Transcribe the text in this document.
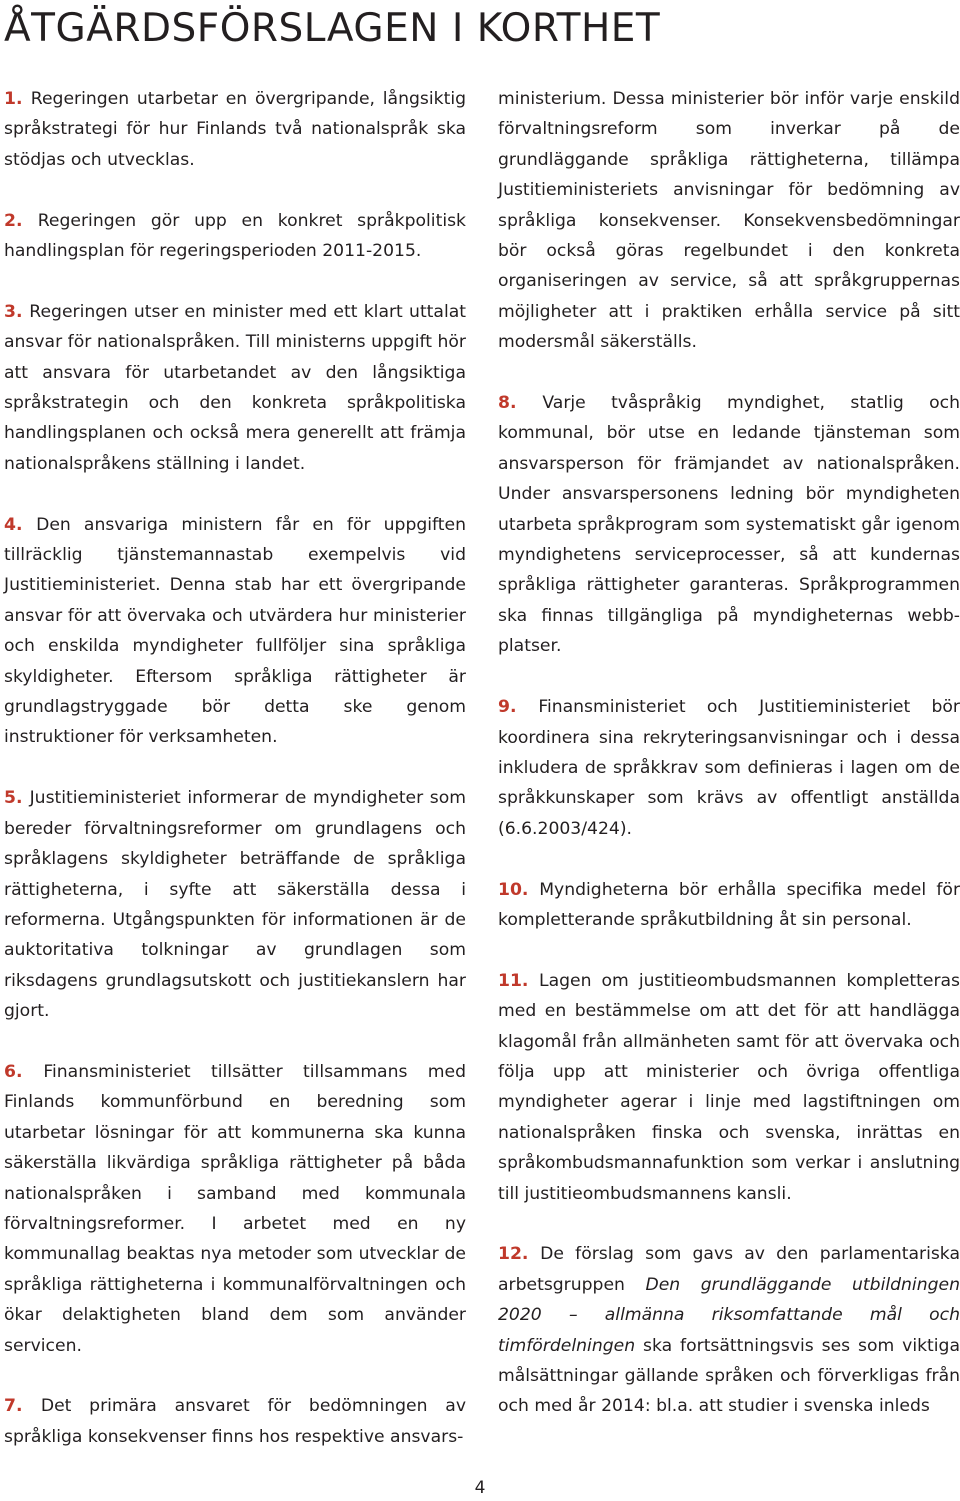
ÅTGÄRDSFÖRSLAGEN I KORTHET

1. Regeringen utarbetar en övergripande, långsiktig språkstrategi för hur Finlands två nationalspråk ska stödjas och utvecklas.

2. Regeringen gör upp en konkret språkpolitisk handlingsplan för regeringsperioden 2011-2015.

3. Regeringen utser en minister med ett klart uttalat ansvar för nationalspråken. Till ministerns uppgift hör att ansvara för utarbetandet av den långsiktiga språkstrategin och den konkreta språkpolitiska handlingsplanen och också mera generellt att främja nationalspråkens ställning i landet.

4. Den ansvariga ministern får en för uppgiften tillräcklig tjänstemannastab exempelvis vid Justitieministeriet. Denna stab har ett övergripande ansvar för att övervaka och utvärdera hur ministerier och enskilda myndigheter fullföljer sina språkliga skyldigheter. Eftersom språkliga rättigheter är grundlagstryggade bör detta ske genom instruktioner för verksamheten.

5. Justitieministeriet informerar de myndigheter som bereder förvaltningsreformer om grundlagens och språklagens skyldigheter beträffande de språkliga rättigheterna, i syfte att säkerställa dessa i reformerna. Utgångspunkten för informationen är de auktoritativa tolkningar av grundlagen som riksdagens grundlagsutskott och justitiekanslern har gjort.

6. Finansministeriet tillsätter tillsammans med Finlands kommunförbund en beredning som utarbetar lösningar för att kommunerna ska kunna säkerställa likvärdiga språkliga rättigheter på båda nationalspråken i samband med kommunala förvaltningsreformer. I arbetet med en ny kommunallag beaktas nya metoder som utvecklar de språkliga rättigheterna i kommunalförvaltningen och ökar delaktigheten bland dem som använder servicen.

7. Det primära ansvaret för bedömningen av språkliga konsekvenser finns hos respektive ansvars-

ministerium. Dessa ministerier bör inför varje enskild förvaltningsreform som inverkar på de grundläggande språkliga rättigheterna, tillämpa Justitieministeriets anvisningar för bedömning av språkliga konsekvenser. Konsekvensbedömningar bör också göras regelbundet i den konkreta organiseringen av service, så att språkgruppernas möjligheter att i praktiken erhålla service på sitt modersmål säkerställs.

8. Varje tvåspråkig myndighet, statlig och kommunal, bör utse en ledande tjänsteman som ansvarsperson för främjandet av nationalspråken. Under ansvarspersonens ledning bör myndigheten utarbeta språkprogram som systematiskt går igenom myndighetens serviceprocesser, så att kundernas språkliga rättigheter garanteras. Språkprogrammen ska finnas tillgängliga på myndigheternas webb-platser.

9. Finansministeriet och Justitieministeriet bör koordinera sina rekryteringsanvisningar och i dessa inkludera de språkkrav som definieras i lagen om de språkkunskaper som krävs av offentligt anställda (6.6.2003/424).

10. Myndigheterna bör erhålla specifika medel för kompletterande språkutbildning åt sin personal.

11. Lagen om justitieombudsmannen kompletteras med en bestämmelse om att det för att handlägga klagomål från allmänheten samt för att övervaka och följa upp att ministerier och övriga offentliga myndigheter agerar i linje med lagstiftningen om nationalspråken finska och svenska, inrättas en språkombudsmannafunktion som verkar i anslutning till justitieombudsmannens kansli.

12. De förslag som gavs av den parlamentariska arbetsgruppen Den grundläggande utbildningen 2020 – allmänna riksomfattande mål och timfördelningen ska fortsättningsvis ses som viktiga målsättningar gällande språken och förverkligas från och med år 2014: bl.a. att studier i svenska inleds

4
